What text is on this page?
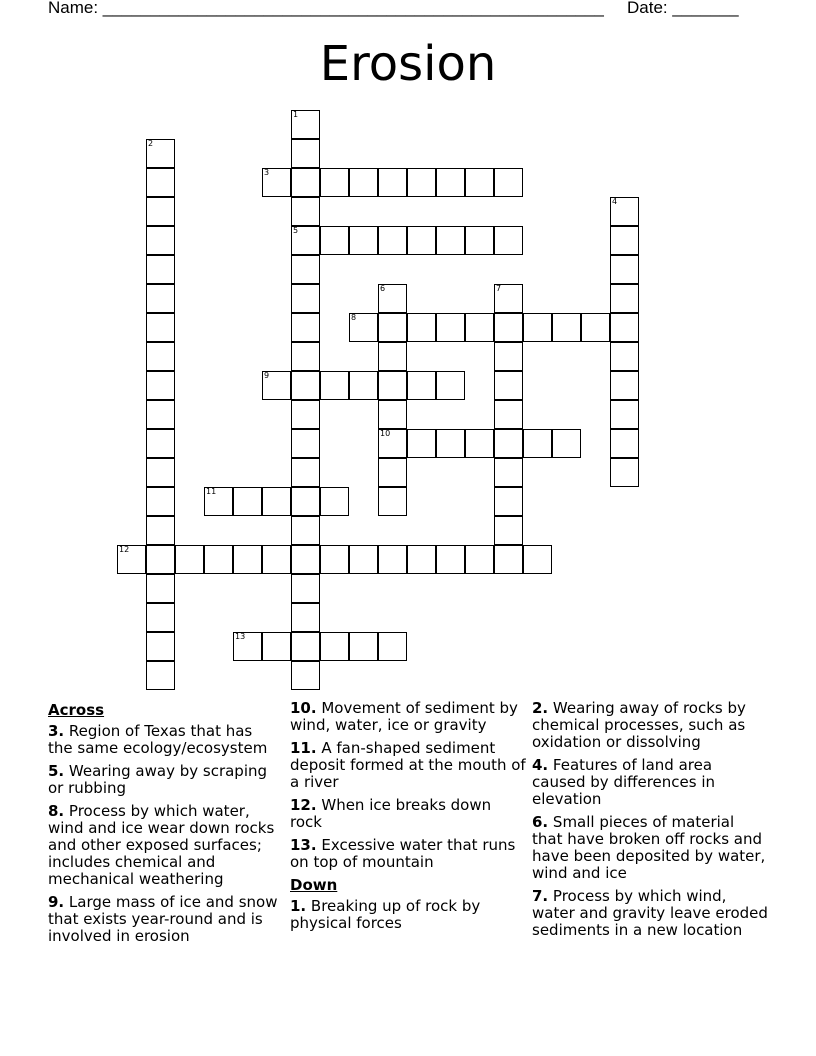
Name: _____________________________________________________ Date: _______
Erosion
1
5
2
3
4
6
10
7
8
9
11
12
13
Across
3. Region of Texas that has the same ecology/ecosystem
5. Wearing away by scraping or rubbing
8. Process by which water, wind and ice wear down rocks and other exposed surfaces; includes chemical and mechanical weathering
9. Large mass of ice and snow that exists year-round and is involved in erosion
10. Movement of sediment by wind, water, ice or gravity
11. A fan-shaped sediment deposit formed at the mouth of a river
12. When ice breaks down rock
13. Excessive water that runs on top of mountain
Down
1. Breaking up of rock by physical forces
2. Wearing away of rocks by chemical processes, such as oxidation or dissolving
4. Features of land area caused by differences in elevation
6. Small pieces of material that have broken off rocks and have been deposited by water, wind and ice
7. Process by which wind, water and gravity leave eroded sediments in a new location
